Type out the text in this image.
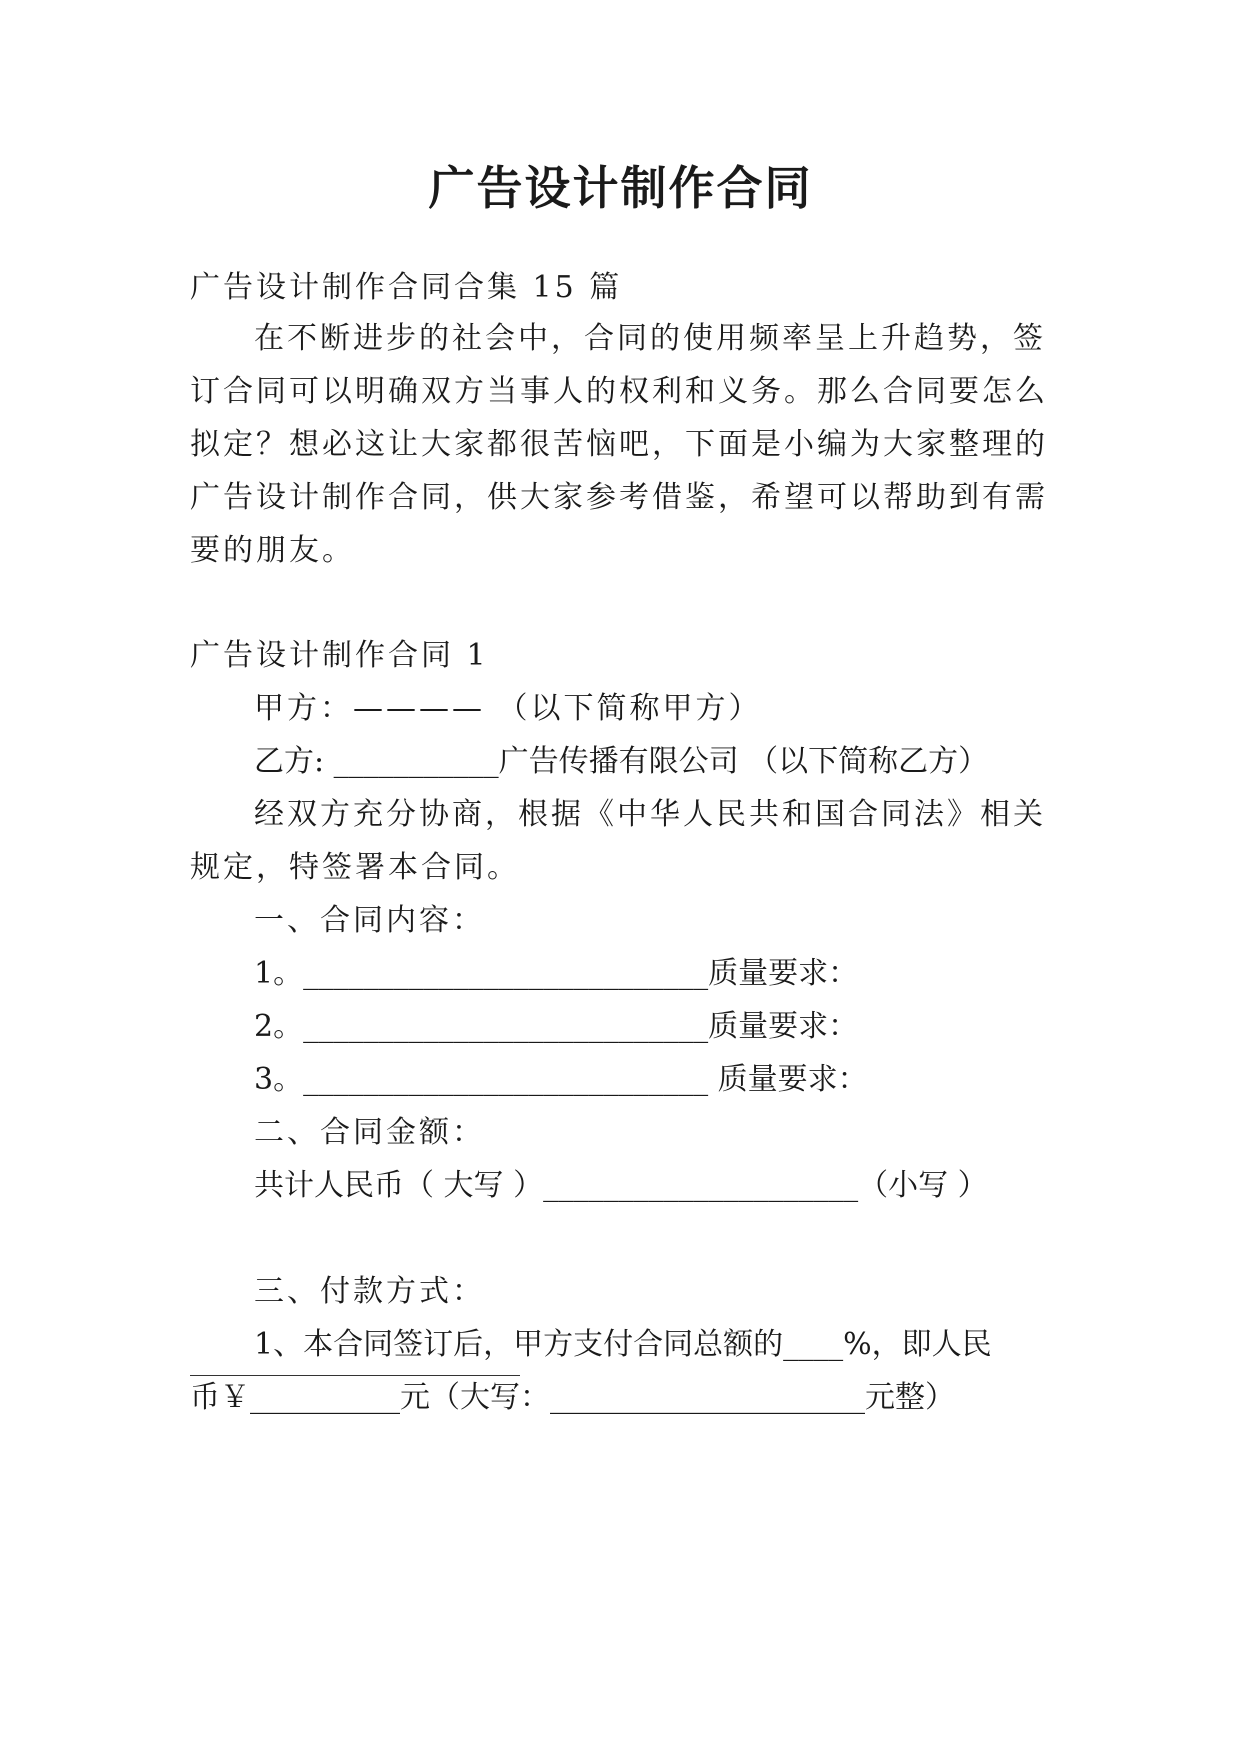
广告设计制作合同
广告设计制作合同合集 15 篇
在不断进步的社会中，合同的使用频率呈上升趋势，签
订合同可以明确双方当事人的权利和义务。那么合同要怎么
拟定？想必这让大家都很苦恼吧，下面是小编为大家整理的
广告设计制作合同，供大家参考借鉴，希望可以帮助到有需
要的朋友。
广告设计制作合同 1
甲方：———— （以下简称甲方）
乙方: ___________广告传播有限公司 （以下简称乙方）
经双方充分协商，根据《中华人民共和国合同法》相关
规定，特签署本合同。
一、合同内容：
1。___________________________质量要求：
2。___________________________质量要求：
3。___________________________ 质量要求：
二、合同金额：
共计人民币（ 大写 ）_____________________（小写 ）
三、付款方式：
1、本合同签订后，甲方支付合同总额的____%，即人民
币￥__________元（大写：_____________________元整）
